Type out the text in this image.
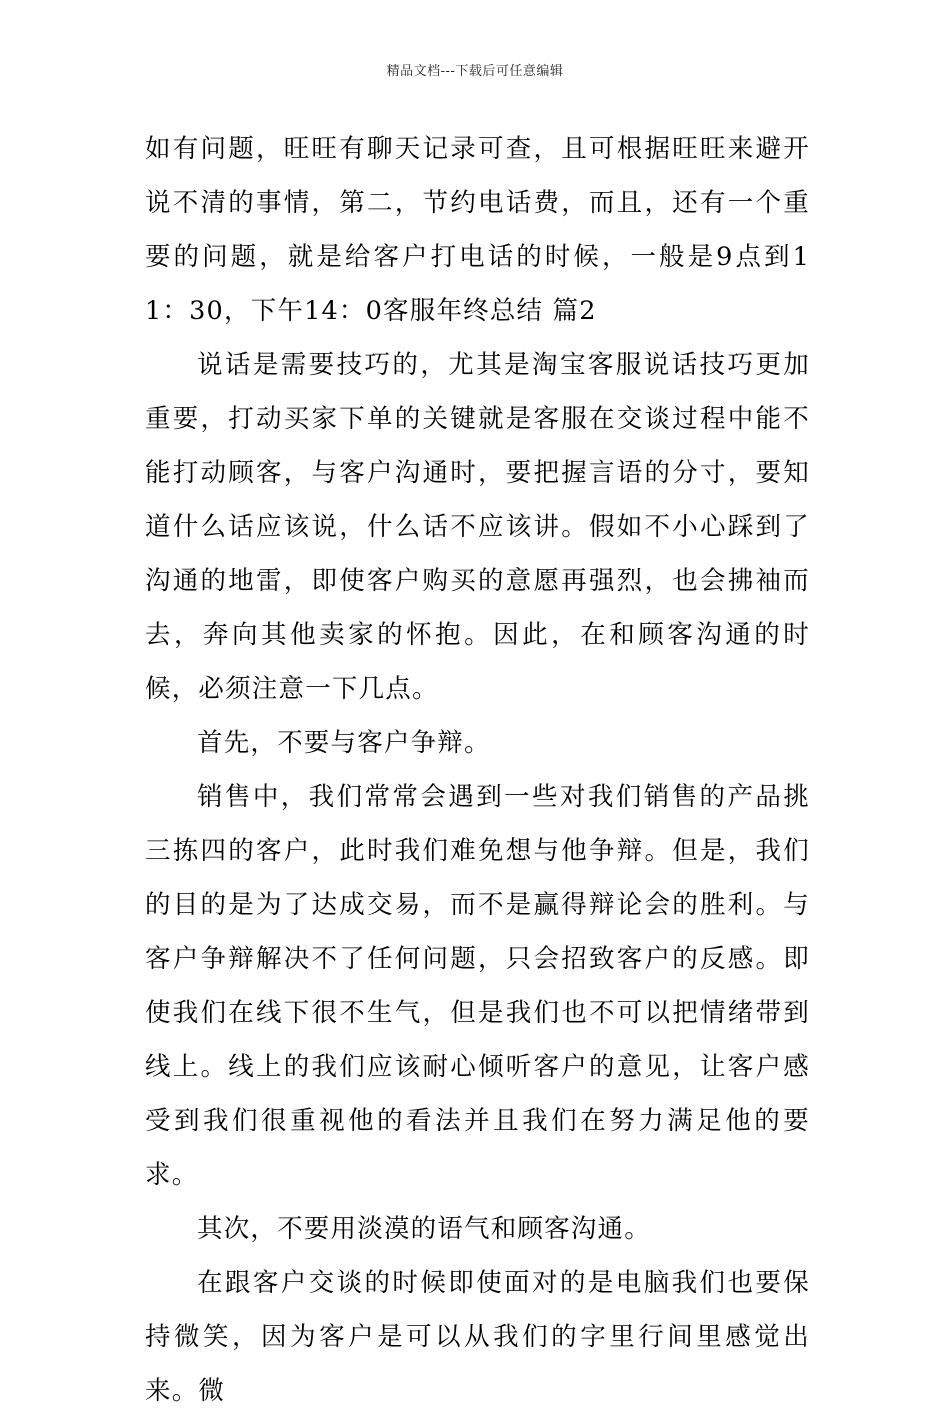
精品文档---下载后可任意编辑

如有问题，旺旺有聊天记录可查，且可根据旺旺来避开说不清的事情，第二，节约电话费，而且，还有一个重要的问题，就是给客户打电话的时候，一般是9点到11：30，下午14：0客服年终总结 篇2

说话是需要技巧的，尤其是淘宝客服说话技巧更加重要，打动买家下单的关键就是客服在交谈过程中能不能打动顾客，与客户沟通时，要把握言语的分寸，要知道什么话应该说，什么话不应该讲。假如不小心踩到了沟通的地雷，即使客户购买的意愿再强烈，也会拂袖而去，奔向其他卖家的怀抱。因此，在和顾客沟通的时候，必须注意一下几点。

首先，不要与客户争辩。

销售中，我们常常会遇到一些对我们销售的产品挑三拣四的客户，此时我们难免想与他争辩。但是，我们的目的是为了达成交易，而不是赢得辩论会的胜利。与客户争辩解决不了任何问题，只会招致客户的反感。即使我们在线下很不生气，但是我们也不可以把情绪带到线上。线上的我们应该耐心倾听客户的意见，让客户感受到我们很重视他的看法并且我们在努力满足他的要求。

其次，不要用淡漠的语气和顾客沟通。

在跟客户交谈的时候即使面对的是电脑我们也要保持微笑，因为客户是可以从我们的字里行间里感觉出来。微
